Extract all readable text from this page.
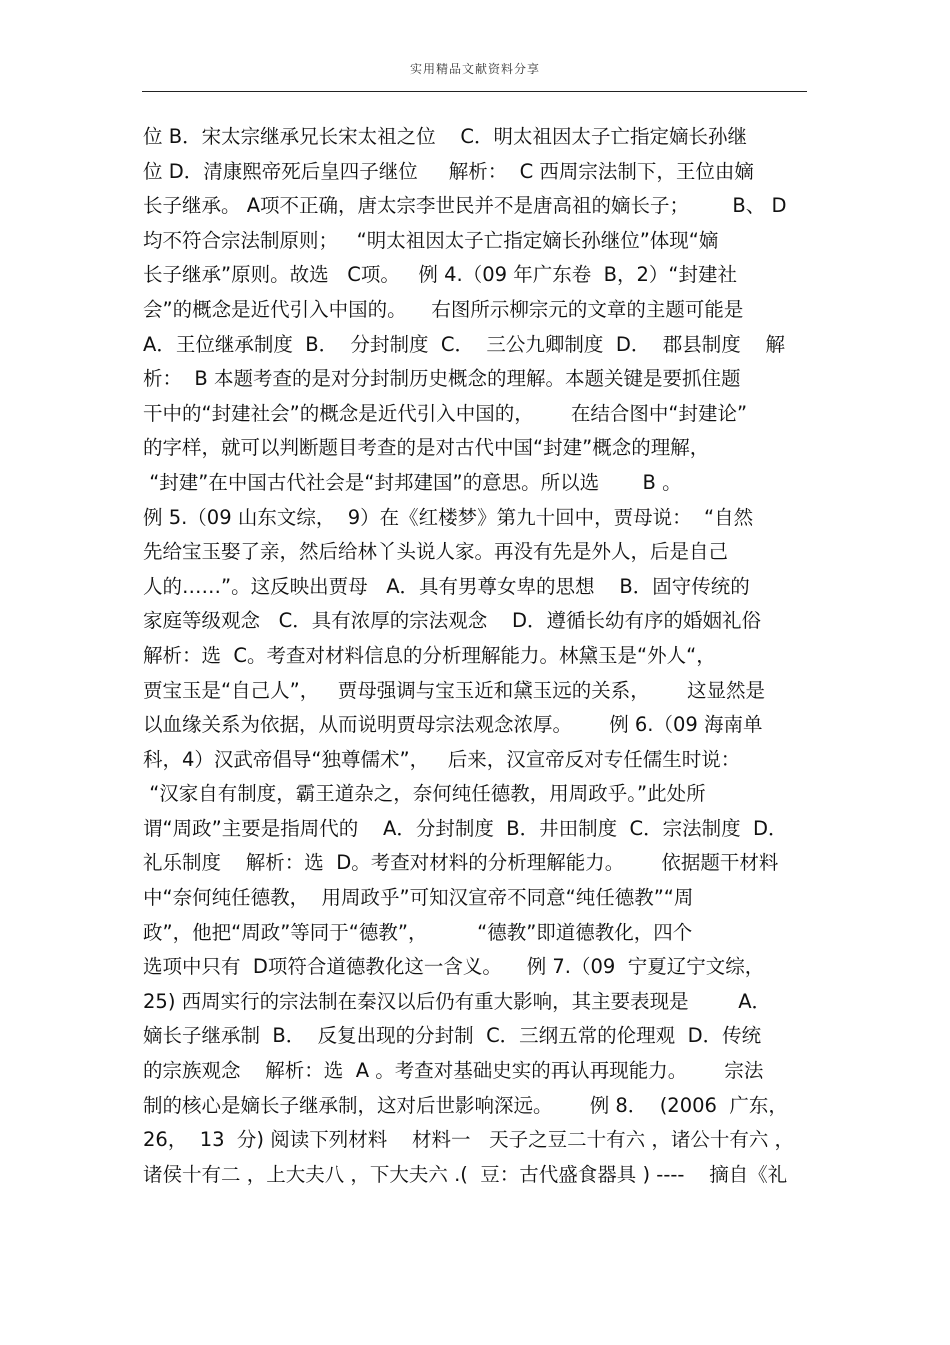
实用精品文献资料分享
位 B．宋太宗继承兄长宋太祖之位    C．明太祖因太子亡指定嫡长孙继
位 D．清康熙帝死后皇四子继位     解析：  C 西周宗法制下，王位由嫡
长子继承。 A项不正确，唐太宗李世民并不是唐高祖的嫡长子；       B、 D
均不符合宗法制原则；   “明太祖因太子亡指定嫡长孙继位”体现“嫡
长子继承”原则。故选   C项。   例 4.（09 年广东卷  B，2）“封建社
会”的概念是近代引入中国的。    右图所示柳宗元的文章的主题可能是
A．王位继承制度  B．  分封制度  C．  三公九卿制度  D．  郡县制度    解
析：  B 本题考查的是对分封制历史概念的理解。本题关键是要抓住题
干中的“封建社会”的概念是近代引入中国的，      在结合图中“封建论”
的字样，就可以判断题目考查的是对古代中国“封建”概念的理解，
“封建”在中国古代社会是“封邦建国”的意思。所以选       B 。
例 5.（09 山东文综，  9）在《红楼梦》第九十回中，贾母说：  “自然
先给宝玉娶了亲，然后给林丫头说人家。再没有先是外人，后是自己
人的……”。这反映出贾母   A．具有男尊女卑的思想    B．固守传统的
家庭等级观念   C．具有浓厚的宗法观念    D．遵循长幼有序的婚姻礼俗
解析：选  C。考查对材料信息的分析理解能力。林黛玉是“外人“，
贾宝玉是“自己人”，   贾母强调与宝玉近和黛玉远的关系，      这显然是
以血缘关系为依据，从而说明贾母宗法观念浓厚。      例 6.（09 海南单
科，4）汉武帝倡导“独尊儒术”，   后来，汉宣帝反对专任儒生时说：
“汉家自有制度，霸王道杂之，奈何纯任德教，用周政乎。”此处所
谓“周政”主要是指周代的    A．分封制度  B．井田制度  C．宗法制度  D．
礼乐制度    解析：选  D。考查对材料的分析理解能力。      依据题干材料
中“奈何纯任德教，  用周政乎”可知汉宣帝不同意“纯任德教”“周
政”，他把“周政”等同于“德教”，        “德教”即道德教化，四个
选项中只有  D项符合道德教化这一含义。    例 7.（09  宁夏辽宁文综，
25) 西周实行的宗法制在秦汉以后仍有重大影响，其主要表现是        A．
嫡长子继承制  B．  反复出现的分封制  C．三纲五常的伦理观  D．传统
的宗族观念    解析：选  A 。考查对基础史实的再认再现能力。      宗法
制的核心是嫡长子继承制，这对后世影响深远。      例 8．  (2006  广东，
26，  13  分) 阅读下列材料    材料一   天子之豆二十有六 ，诸公十有六 ，
诸侯十有二 ，上大夫八 ，下大夫六 .(  豆：古代盛食器具 ) ----    摘自《礼
